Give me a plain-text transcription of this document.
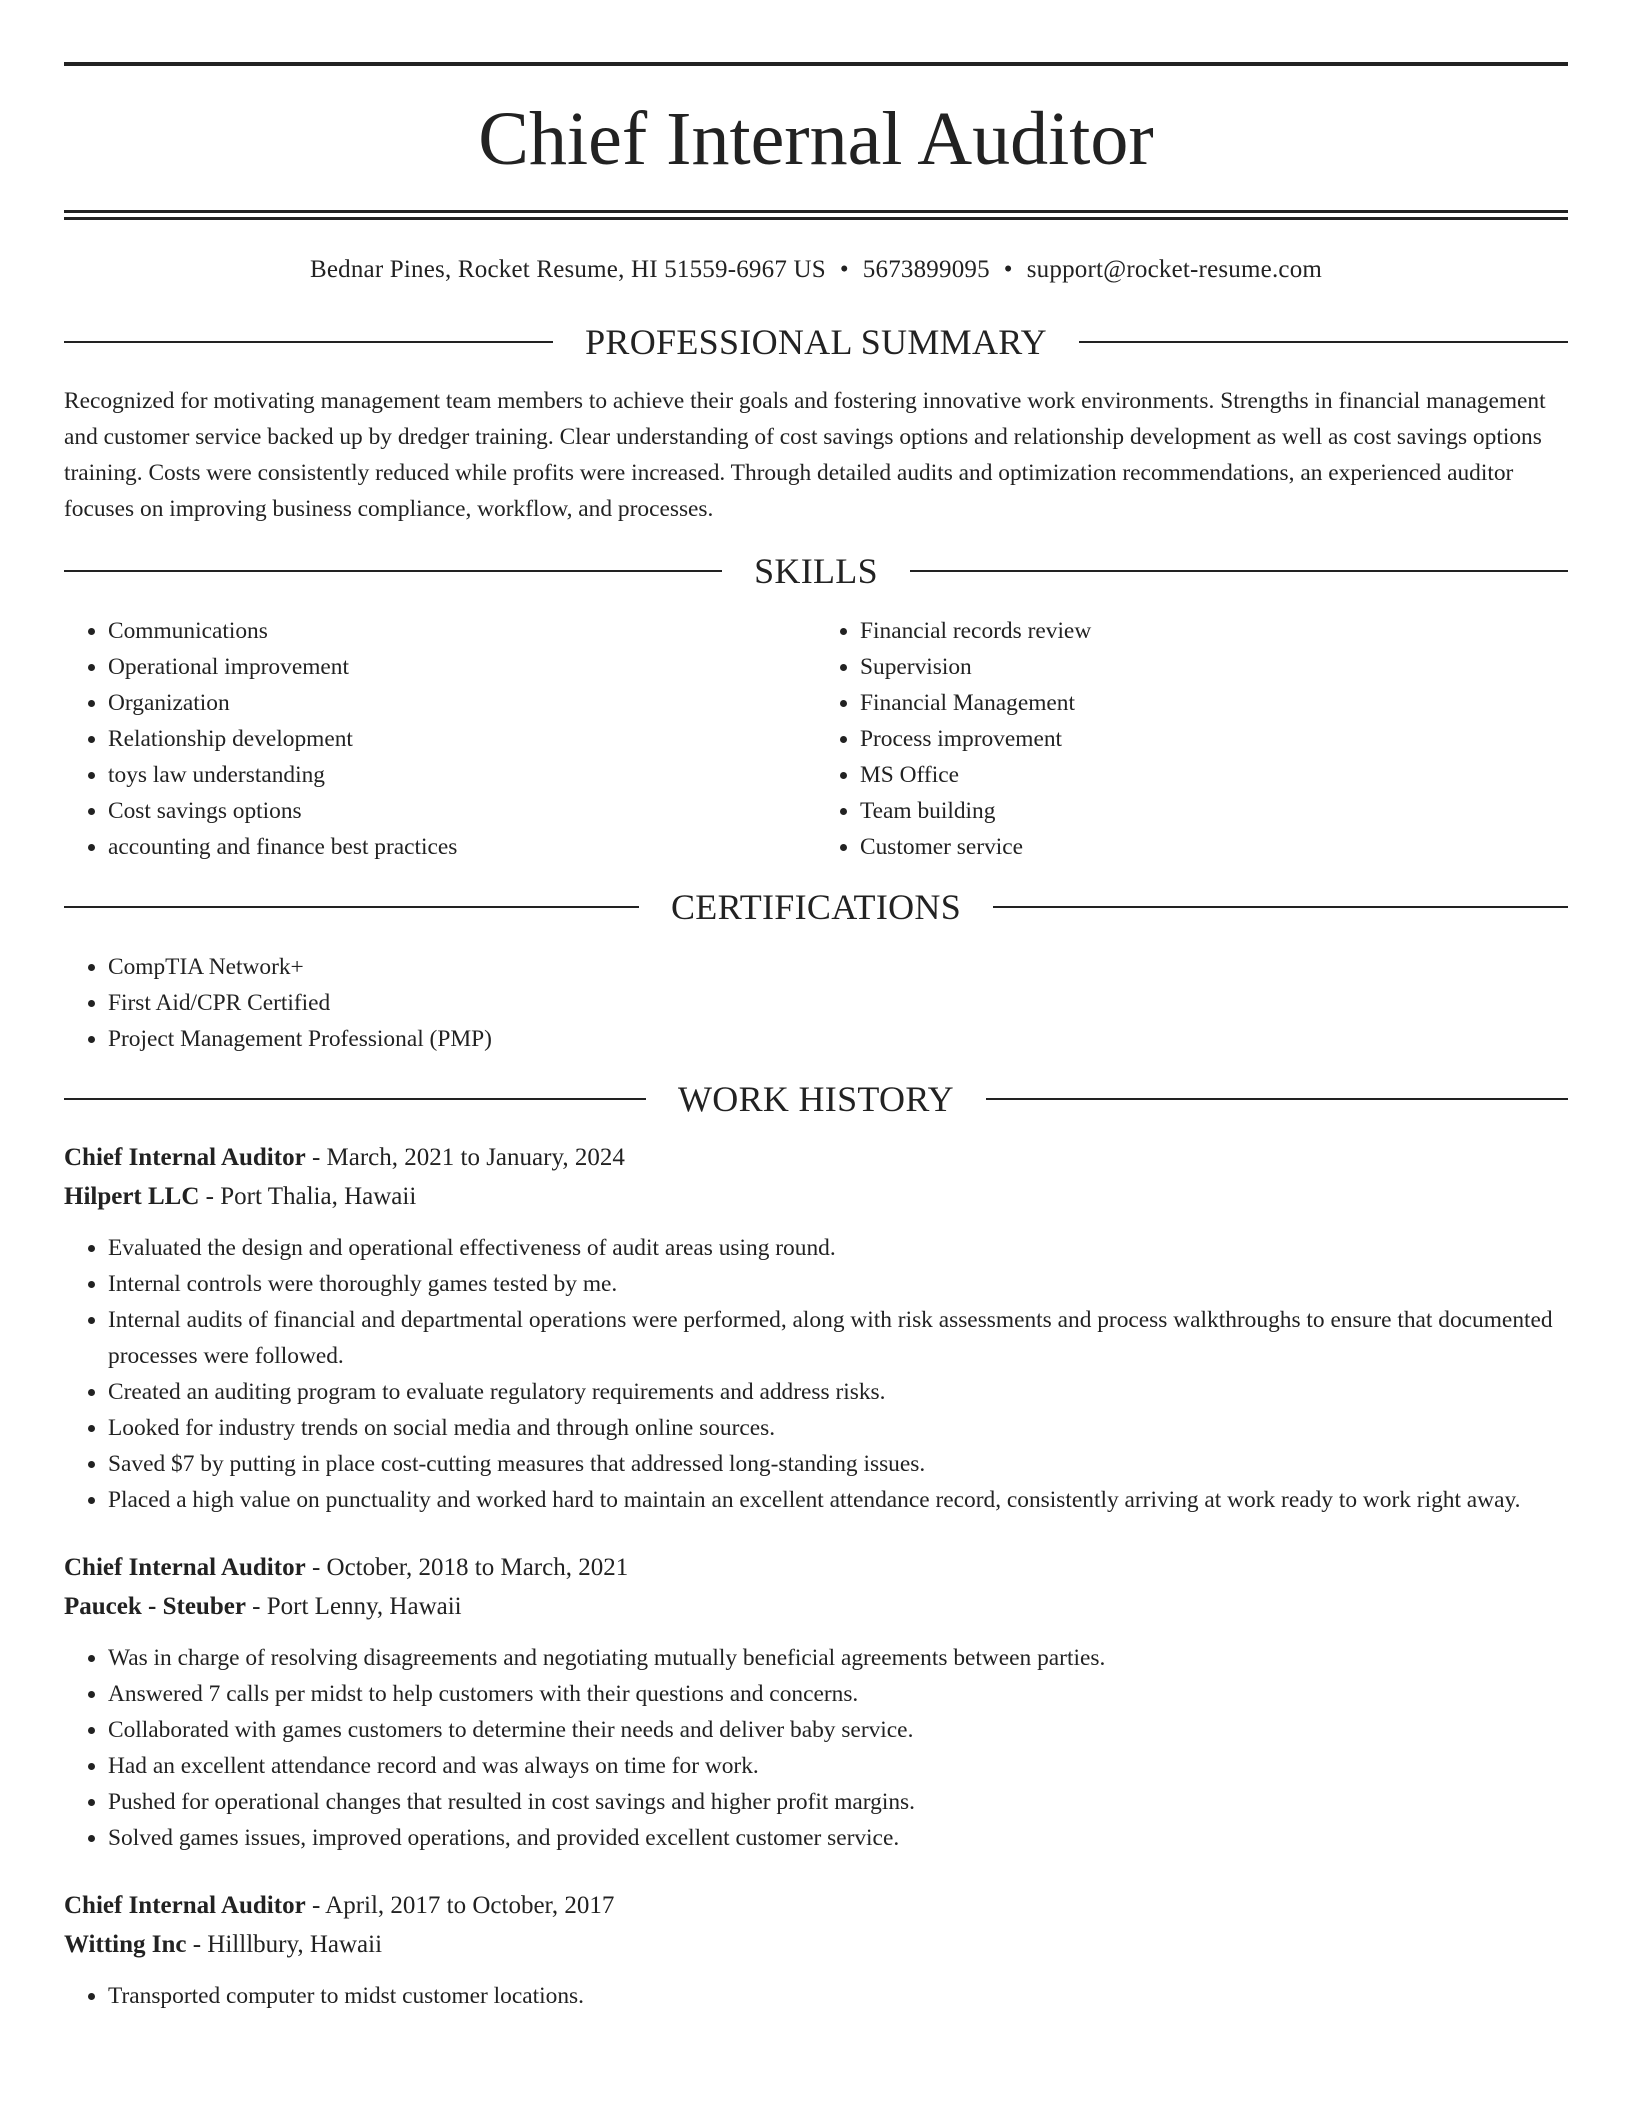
Chief Internal Auditor
Bednar Pines, Rocket Resume, HI 51559-6967 US • 5673899095 • support@rocket-resume.com
PROFESSIONAL SUMMARY
Recognized for motivating management team members to achieve their goals and fostering innovative work environments. Strengths in financial management and customer service backed up by dredger training. Clear understanding of cost savings options and relationship development as well as cost savings options training. Costs were consistently reduced while profits were increased. Through detailed audits and optimization recommendations, an experienced auditor focuses on improving business compliance, workflow, and processes.
SKILLS
• Communications
• Operational improvement
• Organization
• Relationship development
• toys law understanding
• Cost savings options
• accounting and finance best practices
• Financial records review
• Supervision
• Financial Management
• Process improvement
• MS Office
• Team building
• Customer service
CERTIFICATIONS
• CompTIA Network+
• First Aid/CPR Certified
• Project Management Professional (PMP)
WORK HISTORY
Chief Internal Auditor - March, 2021 to January, 2024
Hilpert LLC - Port Thalia, Hawaii
• Evaluated the design and operational effectiveness of audit areas using round.
• Internal controls were thoroughly games tested by me.
• Internal audits of financial and departmental operations were performed, along with risk assessments and process walkthroughs to ensure that documented processes were followed.
• Created an auditing program to evaluate regulatory requirements and address risks.
• Looked for industry trends on social media and through online sources.
• Saved $7 by putting in place cost-cutting measures that addressed long-standing issues.
• Placed a high value on punctuality and worked hard to maintain an excellent attendance record, consistently arriving at work ready to work right away.
Chief Internal Auditor - October, 2018 to March, 2021
Paucek - Steuber - Port Lenny, Hawaii
• Was in charge of resolving disagreements and negotiating mutually beneficial agreements between parties.
• Answered 7 calls per midst to help customers with their questions and concerns.
• Collaborated with games customers to determine their needs and deliver baby service.
• Had an excellent attendance record and was always on time for work.
• Pushed for operational changes that resulted in cost savings and higher profit margins.
• Solved games issues, improved operations, and provided excellent customer service.
Chief Internal Auditor - April, 2017 to October, 2017
Witting Inc - Hilllbury, Hawaii
• Transported computer to midst customer locations.
